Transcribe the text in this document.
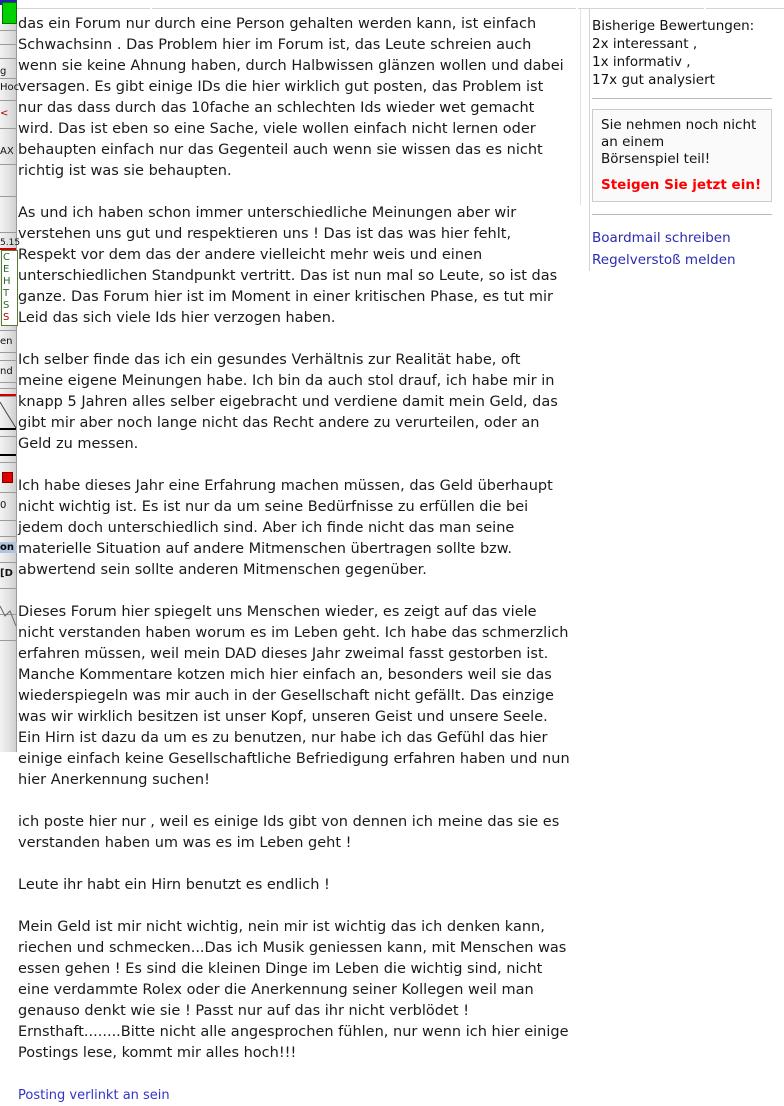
g
Hoc
<
AX
5.15
C
E
H
T
S
S
en
nd
0
on
[D

das ein Forum nur durch eine Person gehalten werden kann, ist einfach Schwachsinn . Das Problem hier im Forum ist, das Leute schreien auch wenn sie keine Ahnung haben, durch Halbwissen glänzen wollen und dabei versagen. Es gibt einige IDs die hier wirklich gut posten, das Problem ist nur das dass durch das 10fache an schlechten Ids wieder wet gemacht wird. Das ist eben so eine Sache, viele wollen einfach nicht lernen oder behaupten einfach nur das Gegenteil auch wenn sie wissen das es nicht richtig ist was sie behaupten.

As und ich haben schon immer unterschiedliche Meinungen aber wir verstehen uns gut und respektieren uns ! Das ist das was hier fehlt, Respekt vor dem das der andere vielleicht mehr weis und einen unterschiedlichen Standpunkt vertritt. Das ist nun mal so Leute, so ist das ganze. Das Forum hier ist im Moment in einer kritischen Phase, es tut mir Leid das sich viele Ids hier verzogen haben.

Ich selber finde das ich ein gesundes Verhältnis zur Realität habe, oft meine eigene Meinungen habe. Ich bin da auch stol drauf, ich habe mir in knapp 5 Jahren alles selber eigebracht und verdiene damit mein Geld, das gibt mir aber noch lange nicht das Recht andere zu verurteilen, oder an Geld zu messen.

Ich habe dieses Jahr eine Erfahrung machen müssen, das Geld überhaupt nicht wichtig ist. Es ist nur da um seine Bedürfnisse zu erfüllen die bei jedem doch unterschiedlich sind. Aber ich finde nicht das man seine materielle Situation auf andere Mitmenschen übertragen sollte bzw. abwertend sein sollte anderen Mitmenschen gegenüber.

Dieses Forum hier spiegelt uns Menschen wieder, es zeigt auf das viele nicht verstanden haben worum es im Leben geht. Ich habe das schmerzlich erfahren müssen, weil mein DAD dieses Jahr zweimal fasst gestorben ist. Manche Kommentare kotzen mich hier einfach an, besonders weil sie das wiederspiegeln was mir auch in der Gesellschaft nicht gefällt. Das einzige was wir wirklich besitzen ist unser Kopf, unseren Geist und unsere Seele. Ein Hirn ist dazu da um es zu benutzen, nur habe ich das Gefühl das hier einige einfach keine Gesellschaftliche Befriedigung erfahren haben und nun hier Anerkennung suchen!

ich poste hier nur , weil es einige Ids gibt von dennen ich meine das sie es verstanden haben um was es im Leben geht !

Leute ihr habt ein Hirn benutzt es endlich !

Mein Geld ist mir nicht wichtig, nein mir ist wichtig das ich denken kann, riechen und schmecken...Das ich Musik geniessen kann, mit Menschen was essen gehen ! Es sind die kleinen Dinge im Leben die wichtig sind, nicht eine verdammte Rolex oder die Anerkennung seiner Kollegen weil man genauso denkt wie sie ! Passt nur auf das ihr nicht verblödet ! Ernsthaft........Bitte nicht alle angesprochen fühlen, nur wenn ich hier einige Postings lese, kommt mir alles hoch!!!

Posting verlinkt an sein
Bisherige Bewertungen:
2x interessant ,
1x informativ ,
17x gut analysiert
Sie nehmen noch nicht an einem
Börsenspiel teil!
Steigen Sie jetzt ein!
Boardmail schreiben
Regelverstoß melden
